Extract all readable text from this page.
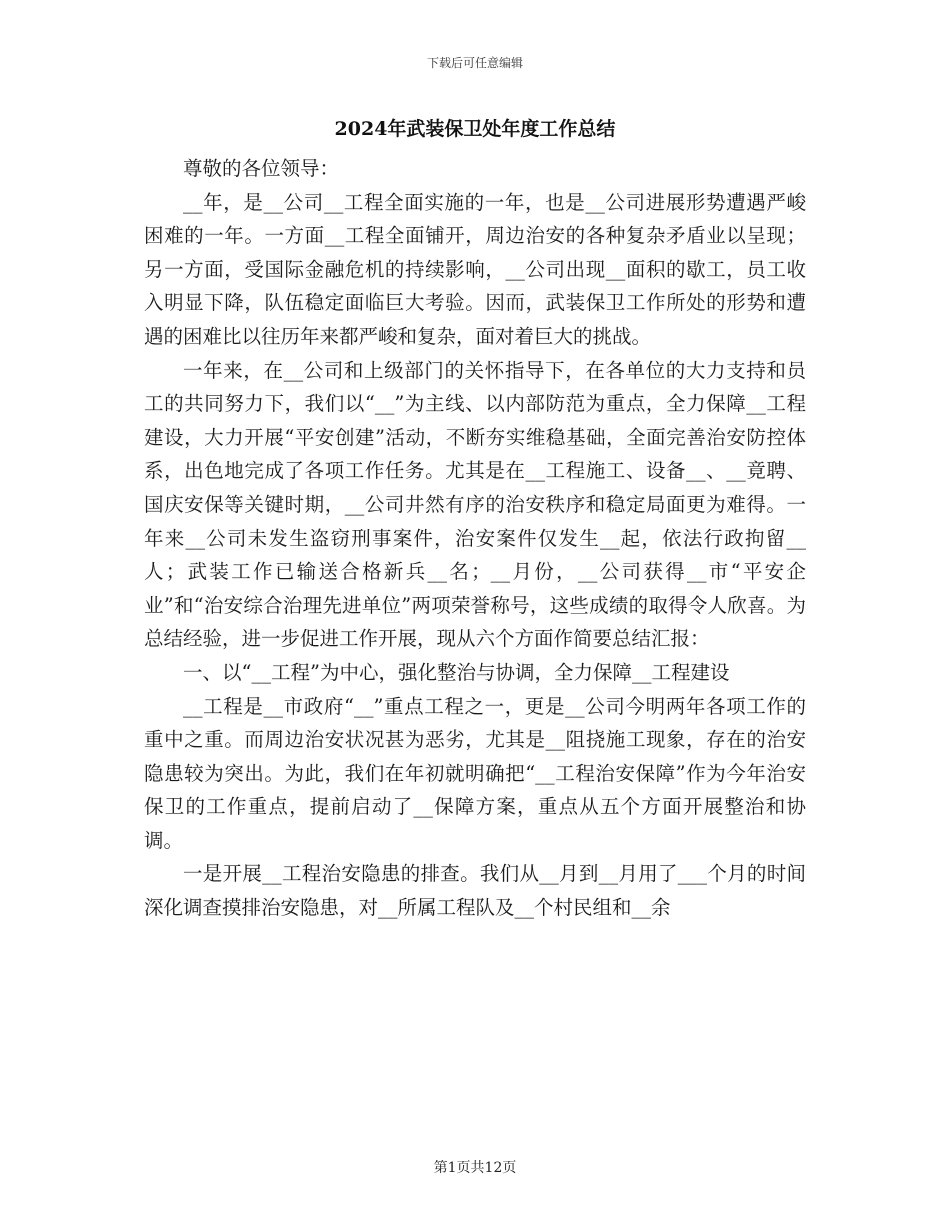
下载后可任意编辑
2024年武装保卫处年度工作总结

尊敬的各位领导：

__年，是__公司__工程全面实施的一年，也是__公司进展形势遭遇严峻困难的一年。一方面__工程全面铺开，周边治安的各种复杂矛盾业以呈现；另一方面，受国际金融危机的持续影响，__公司出现__面积的歇工，员工收入明显下降，队伍稳定面临巨大考验。因而，武装保卫工作所处的形势和遭遇的困难比以往历年来都严峻和复杂，面对着巨大的挑战。

一年来，在__公司和上级部门的关怀指导下，在各单位的大力支持和员工的共同努力下，我们以“__”为主线、以内部防范为重点，全力保障__工程建设，大力开展“平安创建”活动，不断夯实维稳基础，全面完善治安防控体系，出色地完成了各项工作任务。尤其是在__工程施工、设备__、__竟聘、国庆安保等关键时期，__公司井然有序的治安秩序和稳定局面更为难得。一年来__公司未发生盗窃刑事案件，治安案件仅发生__起，依法行政拘留__人；武装工作已输送合格新兵__名；__月份，__公司获得__市“平安企业”和“治安综合治理先进单位”两项荣誉称号，这些成绩的取得令人欣喜。为总结经验，进一步促进工作开展，现从六个方面作简要总结汇报：

一、以“__工程”为中心，强化整治与协调，全力保障__工程建设

__工程是__市政府“__”重点工程之一，更是__公司今明两年各项工作的重中之重。而周边治安状况甚为恶劣，尤其是__阻挠施工现象，存在的治安隐患较为突出。为此，我们在年初就明确把“__工程治安保障”作为今年治安保卫的工作重点，提前启动了__保障方案，重点从五个方面开展整治和协调。

一是开展__工程治安隐患的排查。我们从__月到__月用了___个月的时间深化调查摸排治安隐患，对__所属工程队及__个村民组和__余

第1页共12页
